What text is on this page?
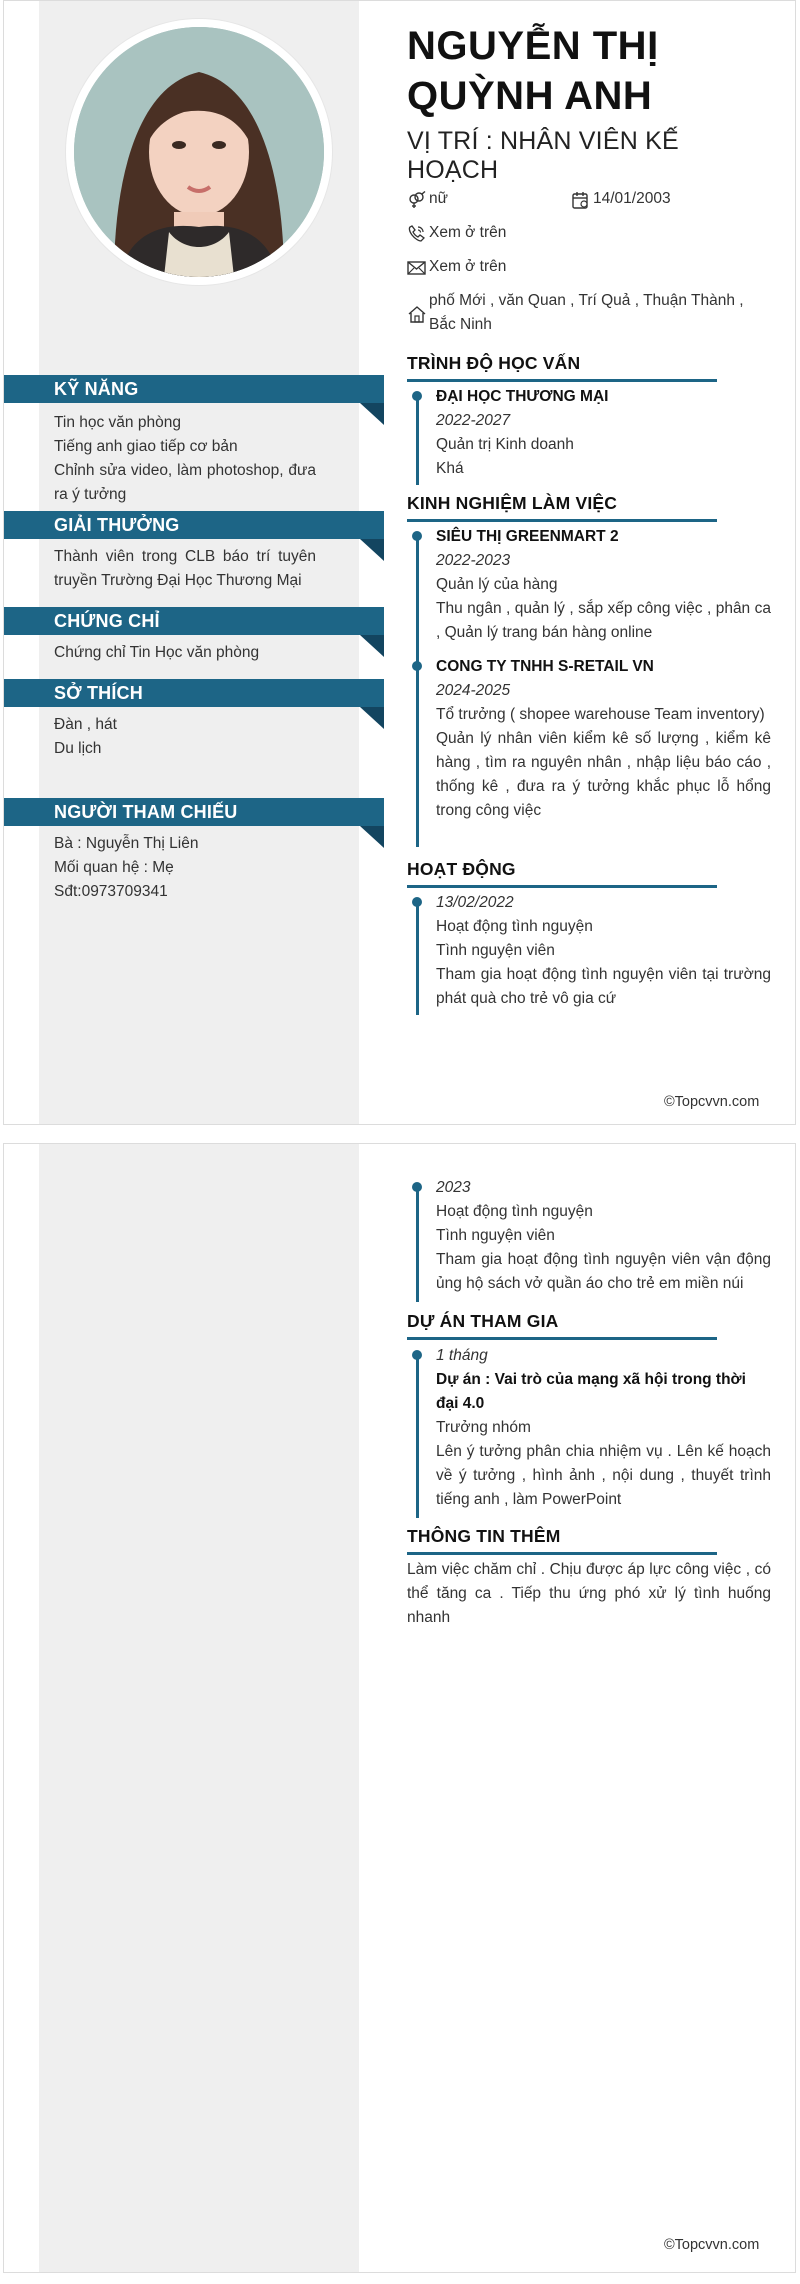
KỸ NĂNG
Tin học văn phòng
Tiếng anh giao tiếp cơ bản
Chỉnh sửa video, làm photoshop, đưa ra ý tưởng
GIẢI THƯỞNG
Thành viên trong CLB báo trí tuyên truyền Trường Đại Học Thương Mại
CHỨNG CHỈ
Chứng chỉ Tin Học văn phòng
SỞ THÍCH
Đàn , hát
Du lịch
NGƯỜI THAM CHIẾU
Bà : Nguyễn Thị Liên
Mối quan hệ : Mẹ
Sđt:0973709341
NGUYỄN THỊ
QUỲNH ANH
VỊ TRÍ : NHÂN VIÊN KẾ HOẠCH
nữ	14/01/2003
Xem ở trên
Xem ở trên
phố Mới , văn Quan , Trí Quả , Thuận Thành , Bắc Ninh
TRÌNH ĐỘ HỌC VẤN
ĐẠI HỌC THƯƠNG MẠI
2022-2027
Quản trị Kinh doanh
Khá
KINH NGHIỆM LÀM VIỆC
SIÊU THỊ GREENMART 2
2022-2023
Quản lý của hàng
Thu ngân , quản lý , sắp xếp công việc , phân ca , Quản lý trang bán hàng online
CONG TY TNHH S-RETAIL VN
2024-2025
Tổ trưởng ( shopee warehouse Team inventory)
Quản lý nhân viên kiểm kê số lượng , kiểm kê hàng , tìm ra nguyên nhân , nhập liệu báo cáo , thống kê , đưa ra ý tưởng khắc phục lỗ hổng trong công việc
HOẠT ĐỘNG
13/02/2022
Hoạt động tình nguyện
Tình nguyện viên
Tham gia hoạt động tình nguyện viên tại trường phát quà cho trẻ vô gia cứ
©Topcvvn.com
2023
Hoạt động tình nguyện
Tình nguyện viên
Tham gia hoạt động tình nguyện viên vận động ủng hộ sách vở quần áo cho trẻ em miền núi
DỰ ÁN THAM GIA
1 tháng
Dự án : Vai trò của mạng xã hội trong thời đại 4.0
Trưởng nhóm
Lên ý tưởng phân chia nhiệm vụ . Lên kế hoạch về ý tưởng , hình ảnh , nội dung , thuyết trình tiếng anh , làm PowerPoint
THÔNG TIN THÊM
Làm việc chăm chỉ . Chịu được áp lực công việc , có thể tăng ca . Tiếp thu ứng phó xử lý tình huống nhanh
©Topcvvn.com
